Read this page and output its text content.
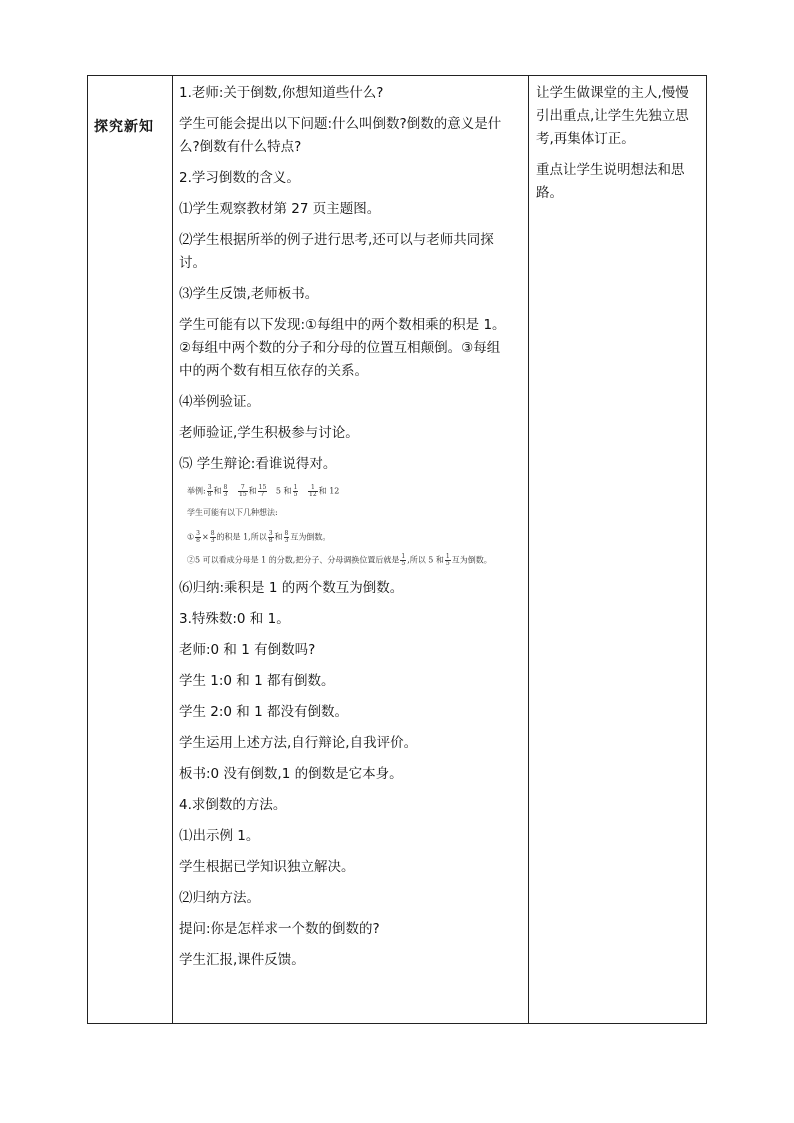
探究新知
1.老师:关于倒数,你想知道些什么?
学生可能会提出以下问题:什么叫倒数?倒数的意义是什
么?倒数有什么特点?
2.学习倒数的含义。
⑴学生观察教材第 27 页主题图。
⑵学生根据所举的例子进行思考,还可以与老师共同探
讨。
⑶学生反馈,老师板书。
学生可能有以下发现:①每组中的两个数相乘的积是 1。
②每组中两个数的分子和分母的位置互相颠倒。③每组
中的两个数有相互依存的关系。
⑷举例验证。
老师验证,学生积极参与讨论。
⑸ 学生辩论:看谁说得对。
举例: $\frac{3}{8}$ 和 $\frac{8}{3}$
$\frac{7}{15}$ 和 $\frac{15}{7} 5$ 和 $\frac{1}{5}$
$\frac{1}{12}$ 和 12
学生可能有以下几种想法:
① $\frac{3}{8} \times \frac{8}{3}$ 的积是 1,所以 $\frac{3}{8}$ 和 $\frac{8}{3}$ 互为倒数。
②5 可以看成分母是 1 的分数,把分子、分母调换位置后就是 $\frac{1}{5}$ ,所以 5 和 $\frac{1}{5}$ 互为倒数。
⑹归纳:乘积是 1 的两个数互为倒数。
3.特殊数:0 和 1。
老师:0 和 1 有倒数吗?
学生 1:0 和 1 都有倒数。
学生 2:0 和 1 都没有倒数。
学生运用上述方法,自行辩论,自我评价。
板书:0 没有倒数,1 的倒数是它本身。
4.求倒数的方法。
⑴出示例 1。
学生根据已学知识独立解决。
⑵归纳方法。
提问:你是怎样求一个数的倒数的?
学生汇报,课件反馈。
让学生做课堂的主人,慢慢
引出重点,让学生先独立思
考,再集体订正。
重点让学生说明想法和思
路。
